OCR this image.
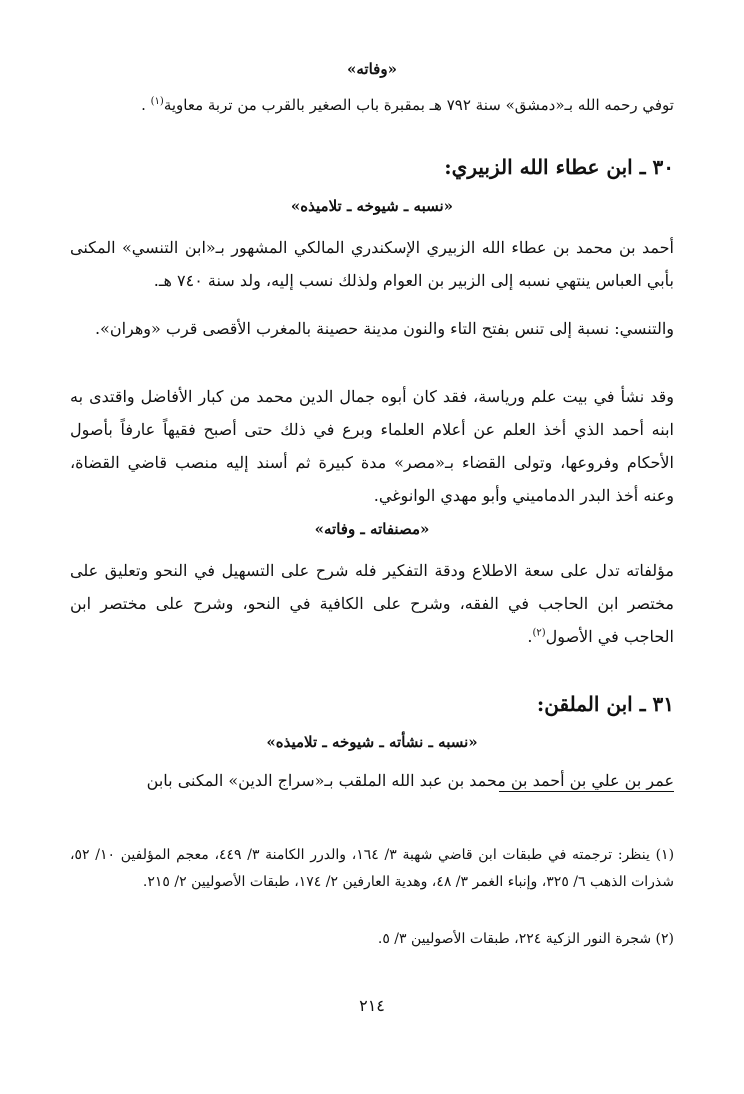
«وفاته»

توفي رحمه الله بـ«دمشق» سنة ٧٩٢ هـ بمقبرة باب الصغير بالقرب من تربة معاوية$^{(١)}$ .

٣٠ ـ ابن عطاء الله الزبيري:
«نسبه ـ شيوخه ـ تلاميذه»

أحمد بن محمد بن عطاء الله الزبيري الإسكندري المالكي المشهور بـ«ابن التنسي» المكنى بأبي العباس ينتهي نسبه إلى الزبير بن العوام ولذلك نسب إليه، ولد سنة ٧٤٠ هـ.

والتنسي: نسبة إلى تنس بفتح التاء والنون مدينة حصينة بالمغرب الأقصى قرب «وهران».

وقد نشأ في بيت علم ورياسة، فقد كان أبوه جمال الدين محمد من كبار الأفاضل واقتدى به ابنه أحمد الذي أخذ العلم عن أعلام العلماء وبرع في ذلك حتى أصبح فقيهاً عارفاً بأصول الأحكام وفروعها، وتولى القضاء بـ«مصر» مدة كبيرة ثم أسند إليه منصب قاضي القضاة، وعنه أخذ البدر الدماميني وأبو مهدي الوانوغي.

«مصنفاته ـ وفاته»

مؤلفاته تدل على سعة الاطلاع ودقة التفكير فله شرح على التسهيل في النحو وتعليق على مختصر ابن الحاجب في الفقه، وشرح على الكافية في النحو، وشرح على مختصر ابن الحاجب في الأصول$^{(٢)}$.

٣١ ـ ابن الملقن:
«نسبه ـ نشأته ـ شيوخه ـ تلاميذه»

عمر بن علي بن أحمد بن محمد بن عبد الله الملقب بـ«سراج الدين» المكنى بابن

(١) ينظر: ترجمته في طبقات ابن قاضي شهبة ٣/ ١٦٤، والدرر الكامنة ٣/ ٤٤٩، معجم المؤلفين ١٠/ ٥٢، شذرات الذهب ٦/ ٣٢٥، وإنباء الغمر ٣/ ٤٨، وهدية العارفين ٢/ ١٧٤، طبقات الأصوليين ٢/ ٢١٥.

(٢) شجرة النور الزكية ٢٢٤، طبقات الأصوليين ٣/ ٥.

٢١٤
